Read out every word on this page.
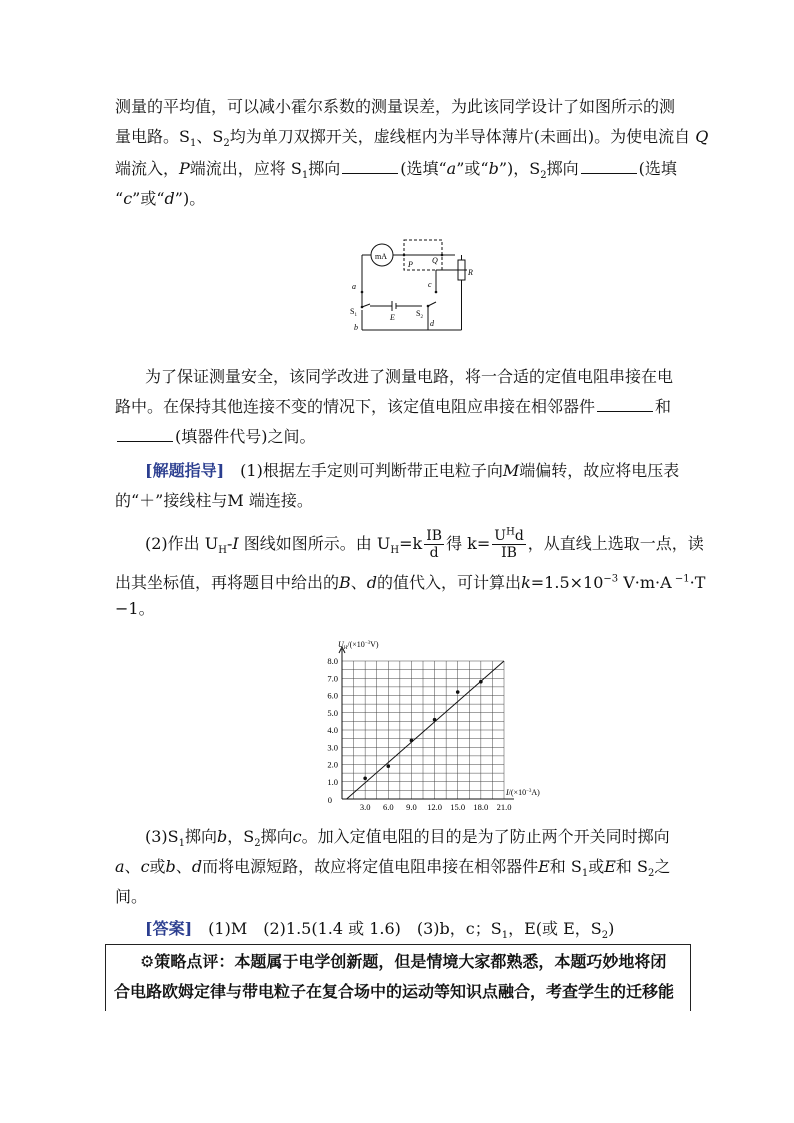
测量的平均值，可以减小霍尔系数的测量误差，为此该同学设计了如图所示的测
量电路。$S_1$、$S_2$均为单刀双掷开关，虚线框内为半导体薄片(未画出)。为使电流自 Q
端流入，P端流出，应将 $S_1$掷向	(选填“a”或“b”)，$S_2$掷向	(选填
“c”或“d”)。
mA
P Q
R
a
b
c
d
E
$S_1$	$S_2$
为了保证测量安全，该同学改进了测量电路，将一合适的定值电阻串接在电
路中。在保持其他连接不变的情况下，该定值电阻应串接在相邻器件	和
(填器件代号)之间。
[解题指导]　 (1)根据左手定则可判断带正电粒子向M端偏转，故应将电压表
的“＋”接线柱与M 端连接。
(2)作出 $U_H-I$ 图线如图所示。由 $U_H=k \frac{IB}{d}$ 得 $k= \frac{U^Hd}{IB}$ ，从直线上选取一点，读
出其坐标值，再将题目中给出的B、d的值代入，可计算出$k=1.5\times 10^{-3}$ V·m·A $^{-1}$·T
−1。
1.0
2.0
3.0
4.0
5.0
6.0
7.0
8.0
0
3.0 6.0 9.0 12.0 15.0 18.0 21.0
$U_H/(\times 10^{-3}V)$
$I/(\times 10^{-3}A)$
$(3)S_1$掷向b，$S_2$掷向c。加入定值电阻的目的是为了防止两个开关同时掷向
a、c或b、d而将电源短路，故应将定值电阻串接在相邻器件E和 $S_1$或E和 $S_2$之
间。
[答案]　 (1)M　(2)1.5(1.4 或 1.6)　(3)b，c；$S_1$，E(或 E，$S_2$)
⚙策略点评：本题属于电学创新题，但是情境大家都熟悉，本题巧妙地将闭
合电路欧姆定律与带电粒子在复合场中的运动等知识点融合，考查学生的迁移能
